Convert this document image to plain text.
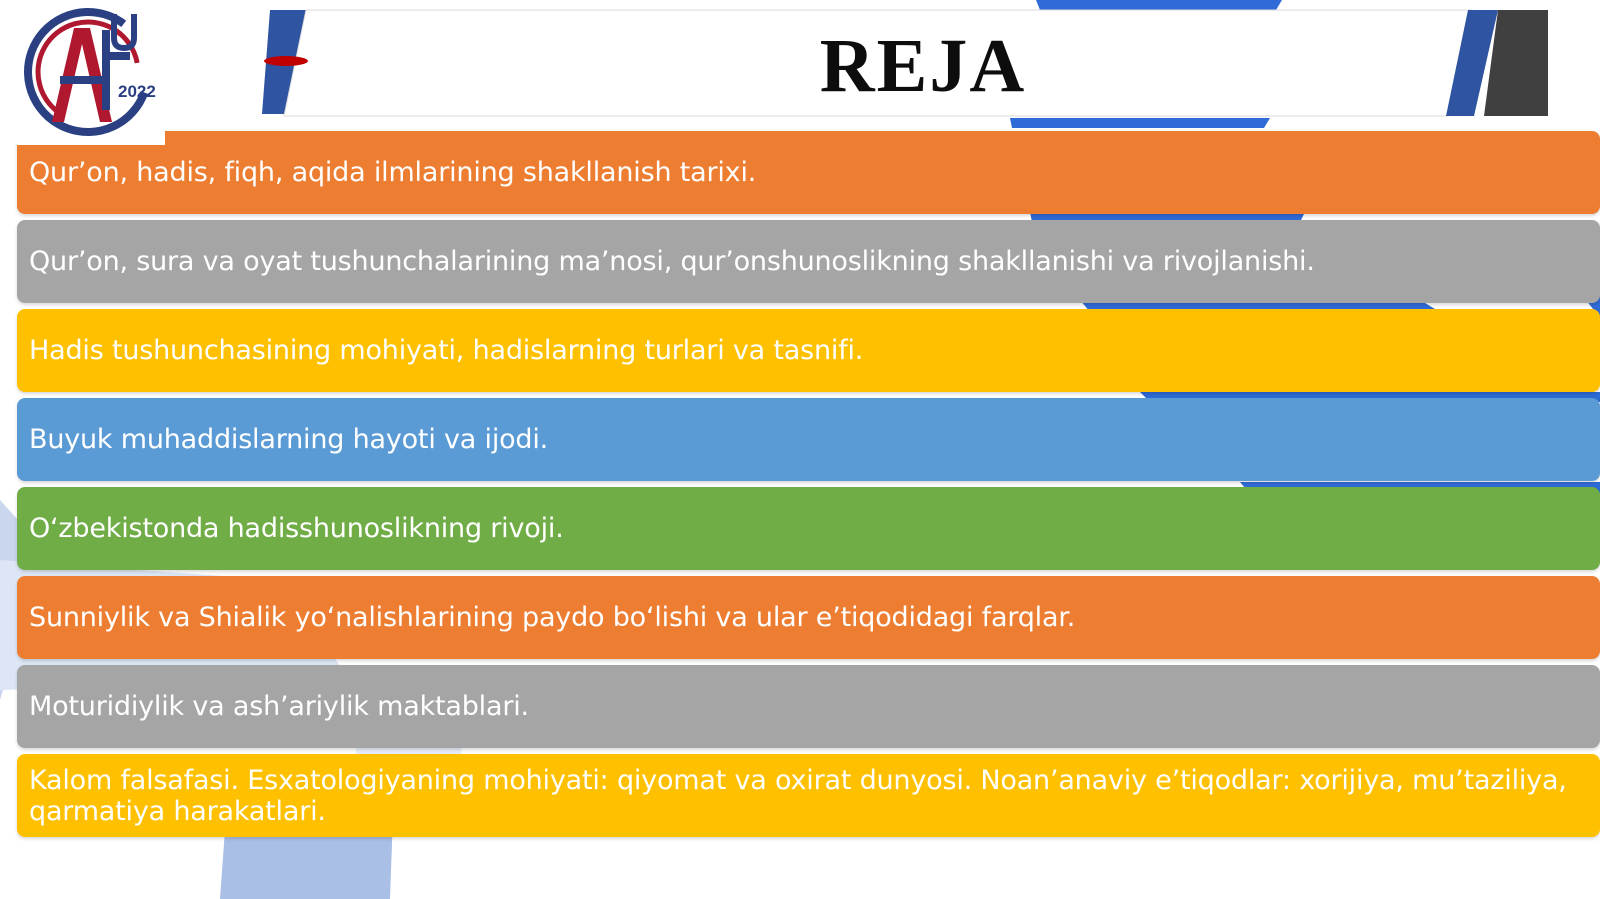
2022	REJA
Qur’on, hadis, fiqh, aqida ilmlarining shakllanish tarixi.
Qur’on, sura va oyat tushunchalarining ma’nosi, qur’onshunoslikning shakllanishi va rivojlanishi.
Hadis tushunchasining mohiyati, hadislarning turlari va tasnifi.
Buyuk muhaddislarning hayoti va ijodi.
O‘zbekistonda hadisshunoslikning rivoji.
Sunniylik va Shialik yo‘nalishlarining paydo bo‘lishi va ular e’tiqodidagi farqlar.
Moturidiylik va ash’ariylik maktablari.
Kalom falsafasi. Esxatologiyaning mohiyati: qiyomat va oxirat dunyosi. Noan’anaviy e’tiqodlar: xorijiya, mu’taziliya, qarmatiya harakatlari.
